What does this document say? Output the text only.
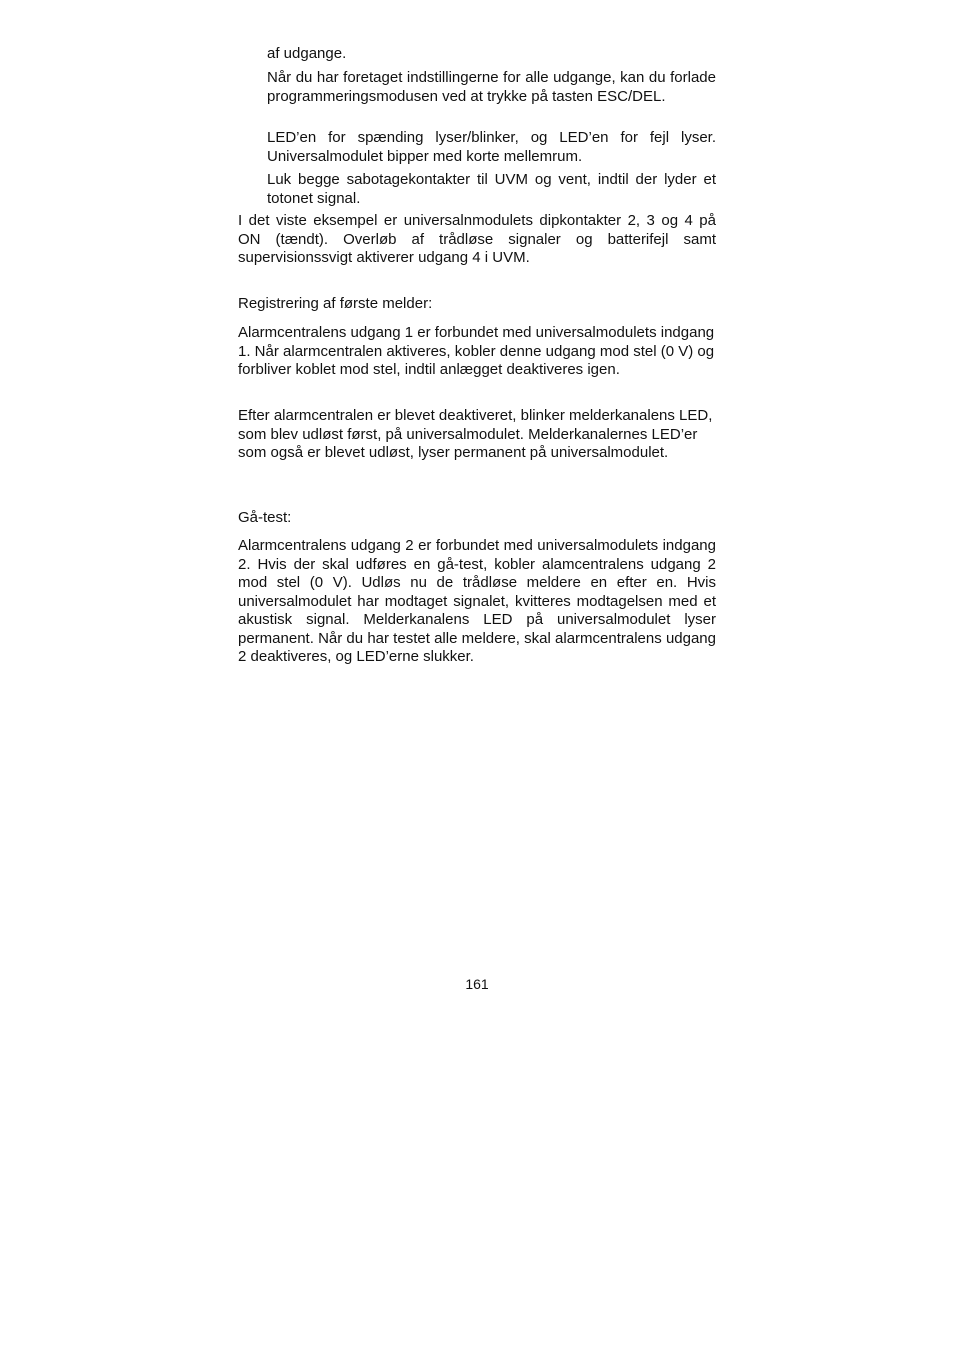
af udgange.

Når du har foretaget indstillingerne for alle udgange, kan du forlade programmeringsmodusen ved at trykke på tasten ESC/DEL.

LED’en for spænding lyser/blinker, og LED’en for fejl lyser. Universalmodulet bipper med korte mellemrum.

Luk begge sabotagekontakter til UVM og vent, indtil der lyder et totonet signal.

I det viste eksempel er universalnmodulets dipkontakter 2, 3 og 4 på ON (tændt). Overløb af trådløse signaler og batterifejl samt supervisionssvigt aktiverer udgang 4 i UVM.

Registrering af første melder:

Alarmcentralens udgang 1 er forbundet med universalmodulets indgang 1. Når alarmcentralen aktiveres, kobler denne udgang mod stel (0 V) og forbliver koblet mod stel, indtil anlægget deaktiveres igen.

Efter alarmcentralen er blevet deaktiveret, blinker melderkanalens LED, som blev udløst først, på universalmodulet. Melderkanalernes LED’er som også er blevet udløst, lyser permanent på universalmodulet.

Gå-test:

Alarmcentralens udgang 2 er forbundet med universalmodulets indgang 2. Hvis der skal udføres en gå-test, kobler alamcentralens udgang 2 mod stel (0 V). Udløs nu de trådløse meldere en efter en. Hvis universalmodulet har modtaget signalet, kvitteres modtagelsen med et akustisk signal. Melderkanalens LED på universalmodulet lyser permanent. Når du har testet alle meldere, skal alarmcentralens udgang 2 deaktiveres, og LED’erne slukker.

161
